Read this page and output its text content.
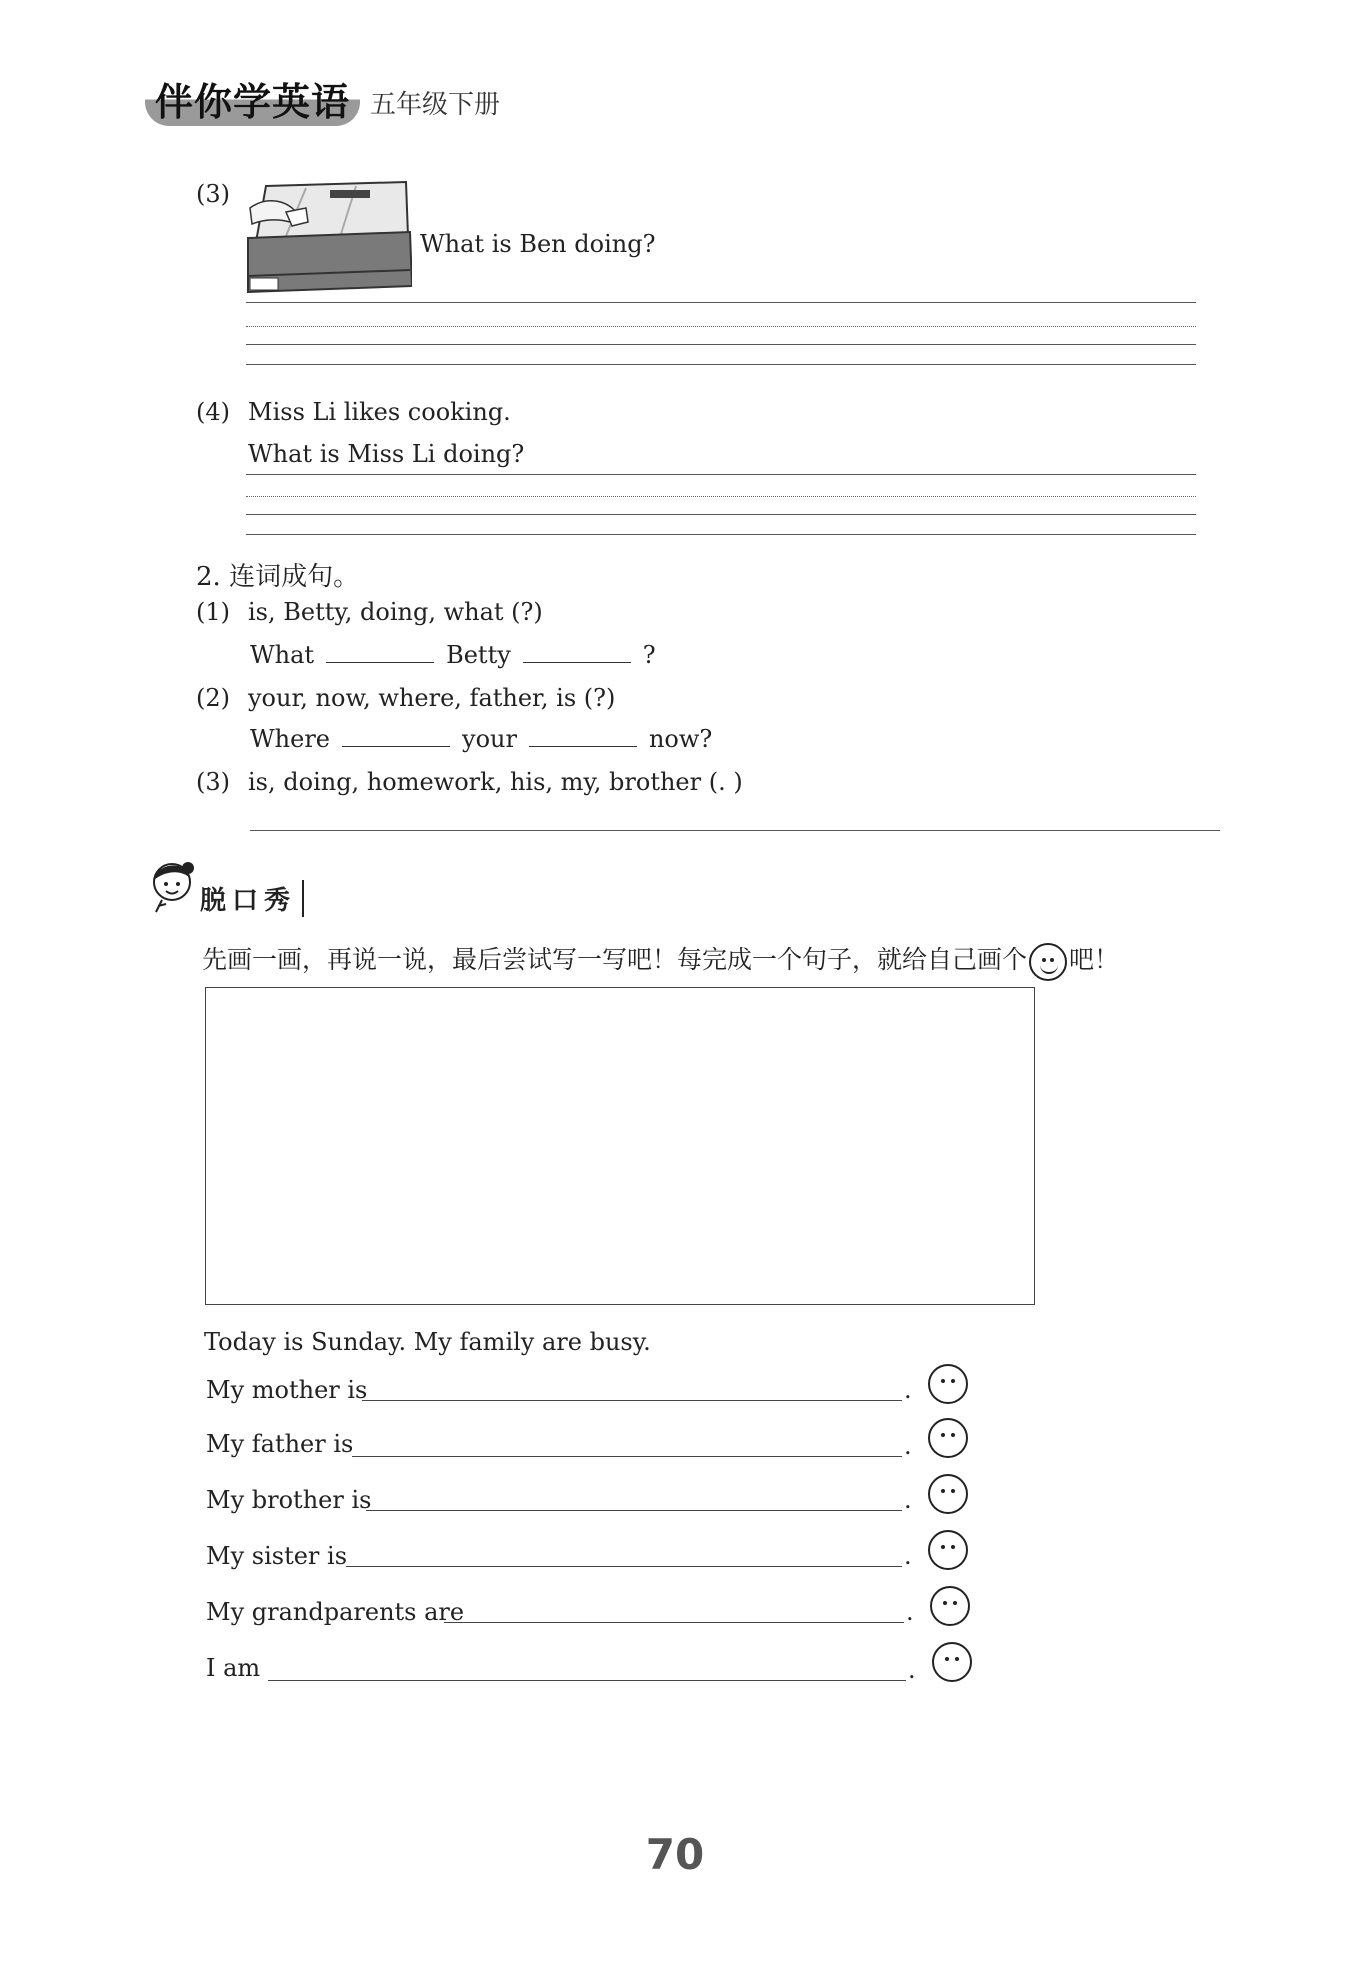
伴你学英语 五年级下册
(3)
What is Ben doing?
(4) Miss Li likes cooking.
What is Miss Li doing?
2. 连词成句。
(1) is, Betty, doing, what (?)
What	Betty	?
(2) your, now, where, father, is (?)
Where	your	now?
(3) is, doing, homework, his, my, brother (. )
脱口秀
先画一画，再说一说，最后尝试写一写吧！每完成一个句子，就给自己画个 吧！
Today is Sunday. My family are busy.
My mother is	.
My father is	.
My brother is	.
My sister is	.
My grandparents are	.
I am	.
70
